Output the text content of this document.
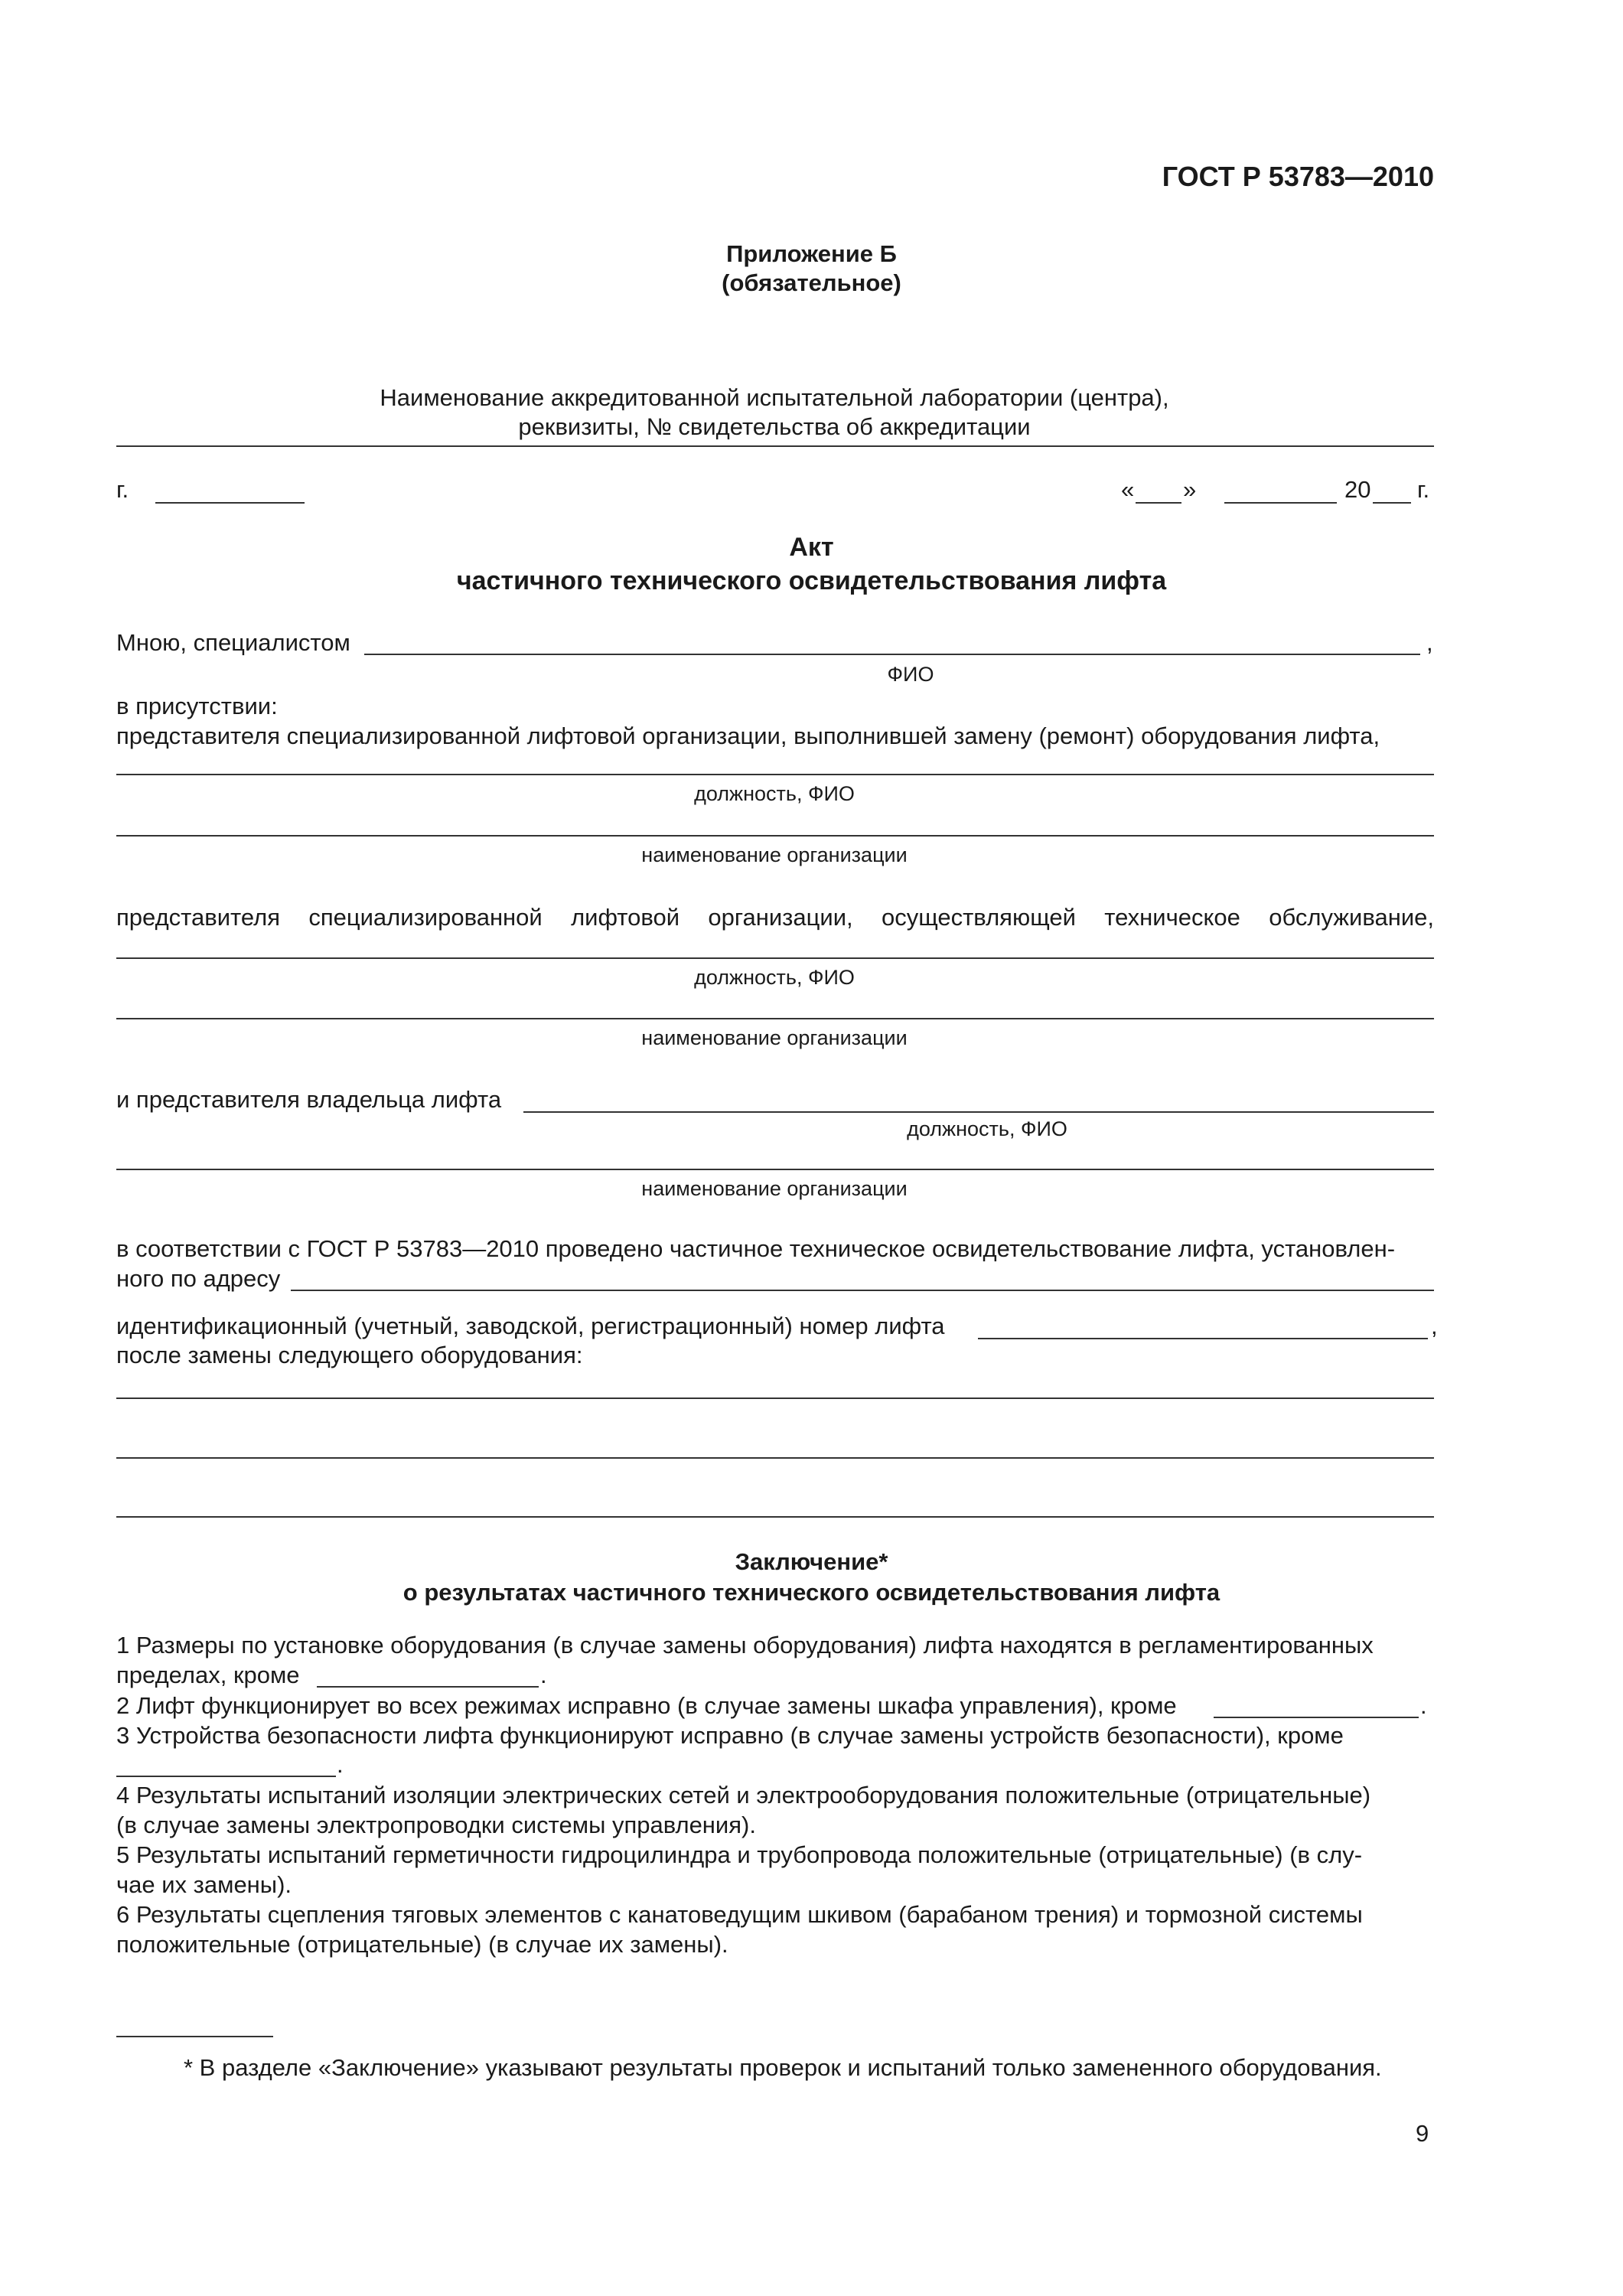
ГОСТ Р 53783—2010
Приложение Б
(обязательное)
Наименование аккредитованной испытательной лаборатории (центра),
реквизиты, № свидетельства об аккредитации
г.	« »	20 г.
Акт
частичного технического освидетельствования лифта
Мною, специалистом	,
ФИО
в присутствии:
представителя специализированной лифтовой организации, выполнившей замену (ремонт) оборудования лифта,
должность, ФИО
наименование организации
представителя специализированной лифтовой организации, осуществляющей техническое обслуживание,
должность, ФИО
наименование организации
и представителя владельца лифта
должность, ФИО
наименование организации
в соответствии с ГОСТ Р 53783—2010 проведено частичное техническое освидетельствование лифта, установлен-
ного по адресу
идентификационный (учетный, заводской, регистрационный) номер лифта	,
после замены следующего оборудования:
Заключение*
о результатах частичного технического освидетельствования лифта
1 Размеры по установке оборудования (в случае замены оборудования) лифта находятся в регламентированных
пределах, кроме	.
2 Лифт функционирует во всех режимах исправно (в случае замены шкафа управления), кроме	.
3 Устройства безопасности лифта функционируют исправно (в случае замены устройств безопасности), кроме
.
4 Результаты испытаний изоляции электрических сетей и электрооборудования положительные (отрицательные)
(в случае замены электропроводки системы управления).
5 Результаты испытаний герметичности гидроцилиндра и трубопровода положительные (отрицательные) (в слу-
чае их замены).
6 Результаты сцепления тяговых элементов с канатоведущим шкивом (барабаном трения) и тормозной системы
положительные (отрицательные) (в случае их замены).
* В разделе «Заключение» указывают результаты проверок и испытаний только замененного оборудования.
9
